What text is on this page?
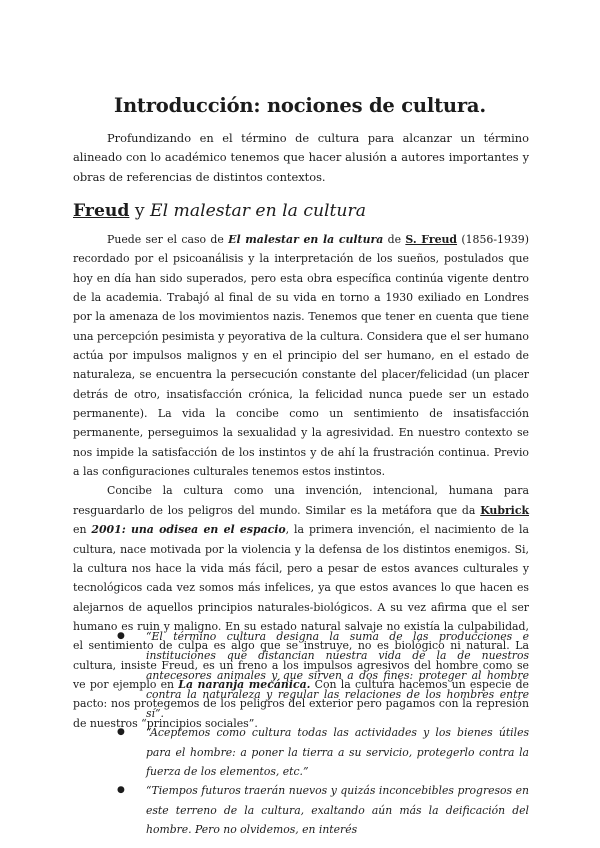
Introducción: nociones de cultura.

Profundizando en el término de cultura para alcanzar un término alineado con lo académico tenemos que hacer alusión a autores importantes y obras de referencias de distintos contextos.

Freud y El malestar en la cultura

Puede ser el caso de El malestar en la cultura de S. Freud (1856-1939) recordado por el psicoanálisis y la interpretación de los sueños, postulados que hoy en día han sido superados, pero esta obra específica continúa vigente dentro de la academia. Trabajó al final de su vida en torno a 1930 exiliado en Londres por la amenaza de los movimientos nazis. Tenemos que tener en cuenta que tiene una percepción pesimista y peyorativa de la cultura. Considera que el ser humano actúa por impulsos malignos y en el principio del ser humano, en el estado de naturaleza, se encuentra la persecución constante del placer/felicidad (un placer detrás de otro, insatisfacción crónica, la felicidad nunca puede ser un estado permanente). La vida la concibe como un sentimiento de insatisfacción permanente, perseguimos la sexualidad y la agresividad. En nuestro contexto se nos impide la satisfacción de los instintos y de ahí la frustración continua. Previo a las configuraciones culturales tenemos estos instintos.

Concibe la cultura como una invención, intencional, humana para resguardarlo de los peligros del mundo. Similar es la metáfora que da Kubrick en 2001: una odisea en el espacio, la primera invención, el nacimiento de la cultura, nace motivada por la violencia y la defensa de los distintos enemigos. Si, la cultura nos hace la vida más fácil, pero a pesar de estos avances culturales y tecnológicos cada vez somos más infelices, ya que estos avances lo que hacen es alejarnos de aquellos principios naturales-biológicos. A su vez afirma que el ser humano es ruin y maligno. En su estado natural salvaje no existía la culpabilidad, el sentimiento de culpa es algo que se instruye, no es biológico ni natural. La cultura, insiste Freud, es un freno a los impulsos agresivos del hombre como se ve por ejemplo en La naranja mecánica. Con la cultura hacemos un especie de pacto: nos protegemos de los peligros del exterior pero pagamos con la represión de nuestros “principios sociales”.

● “El término cultura designa la suma de las producciones e instituciones que distancian nuestra vida de la de nuestros antecesores animales y que sirven a dos fines: proteger al hombre contra la naturaleza y regular las relaciones de los hombres entre sí”.
● “Aceptemos como cultura todas las actividades y los bienes útiles para el hombre: a poner la tierra a su servicio, protegerlo contra la fuerza de los elementos, etc.”
● “Tiempos futuros traerán nuevos y quizás inconcebibles progresos en este terreno de la cultura, exaltando aún más la deificación del hombre. Pero no olvidemos, en interés
